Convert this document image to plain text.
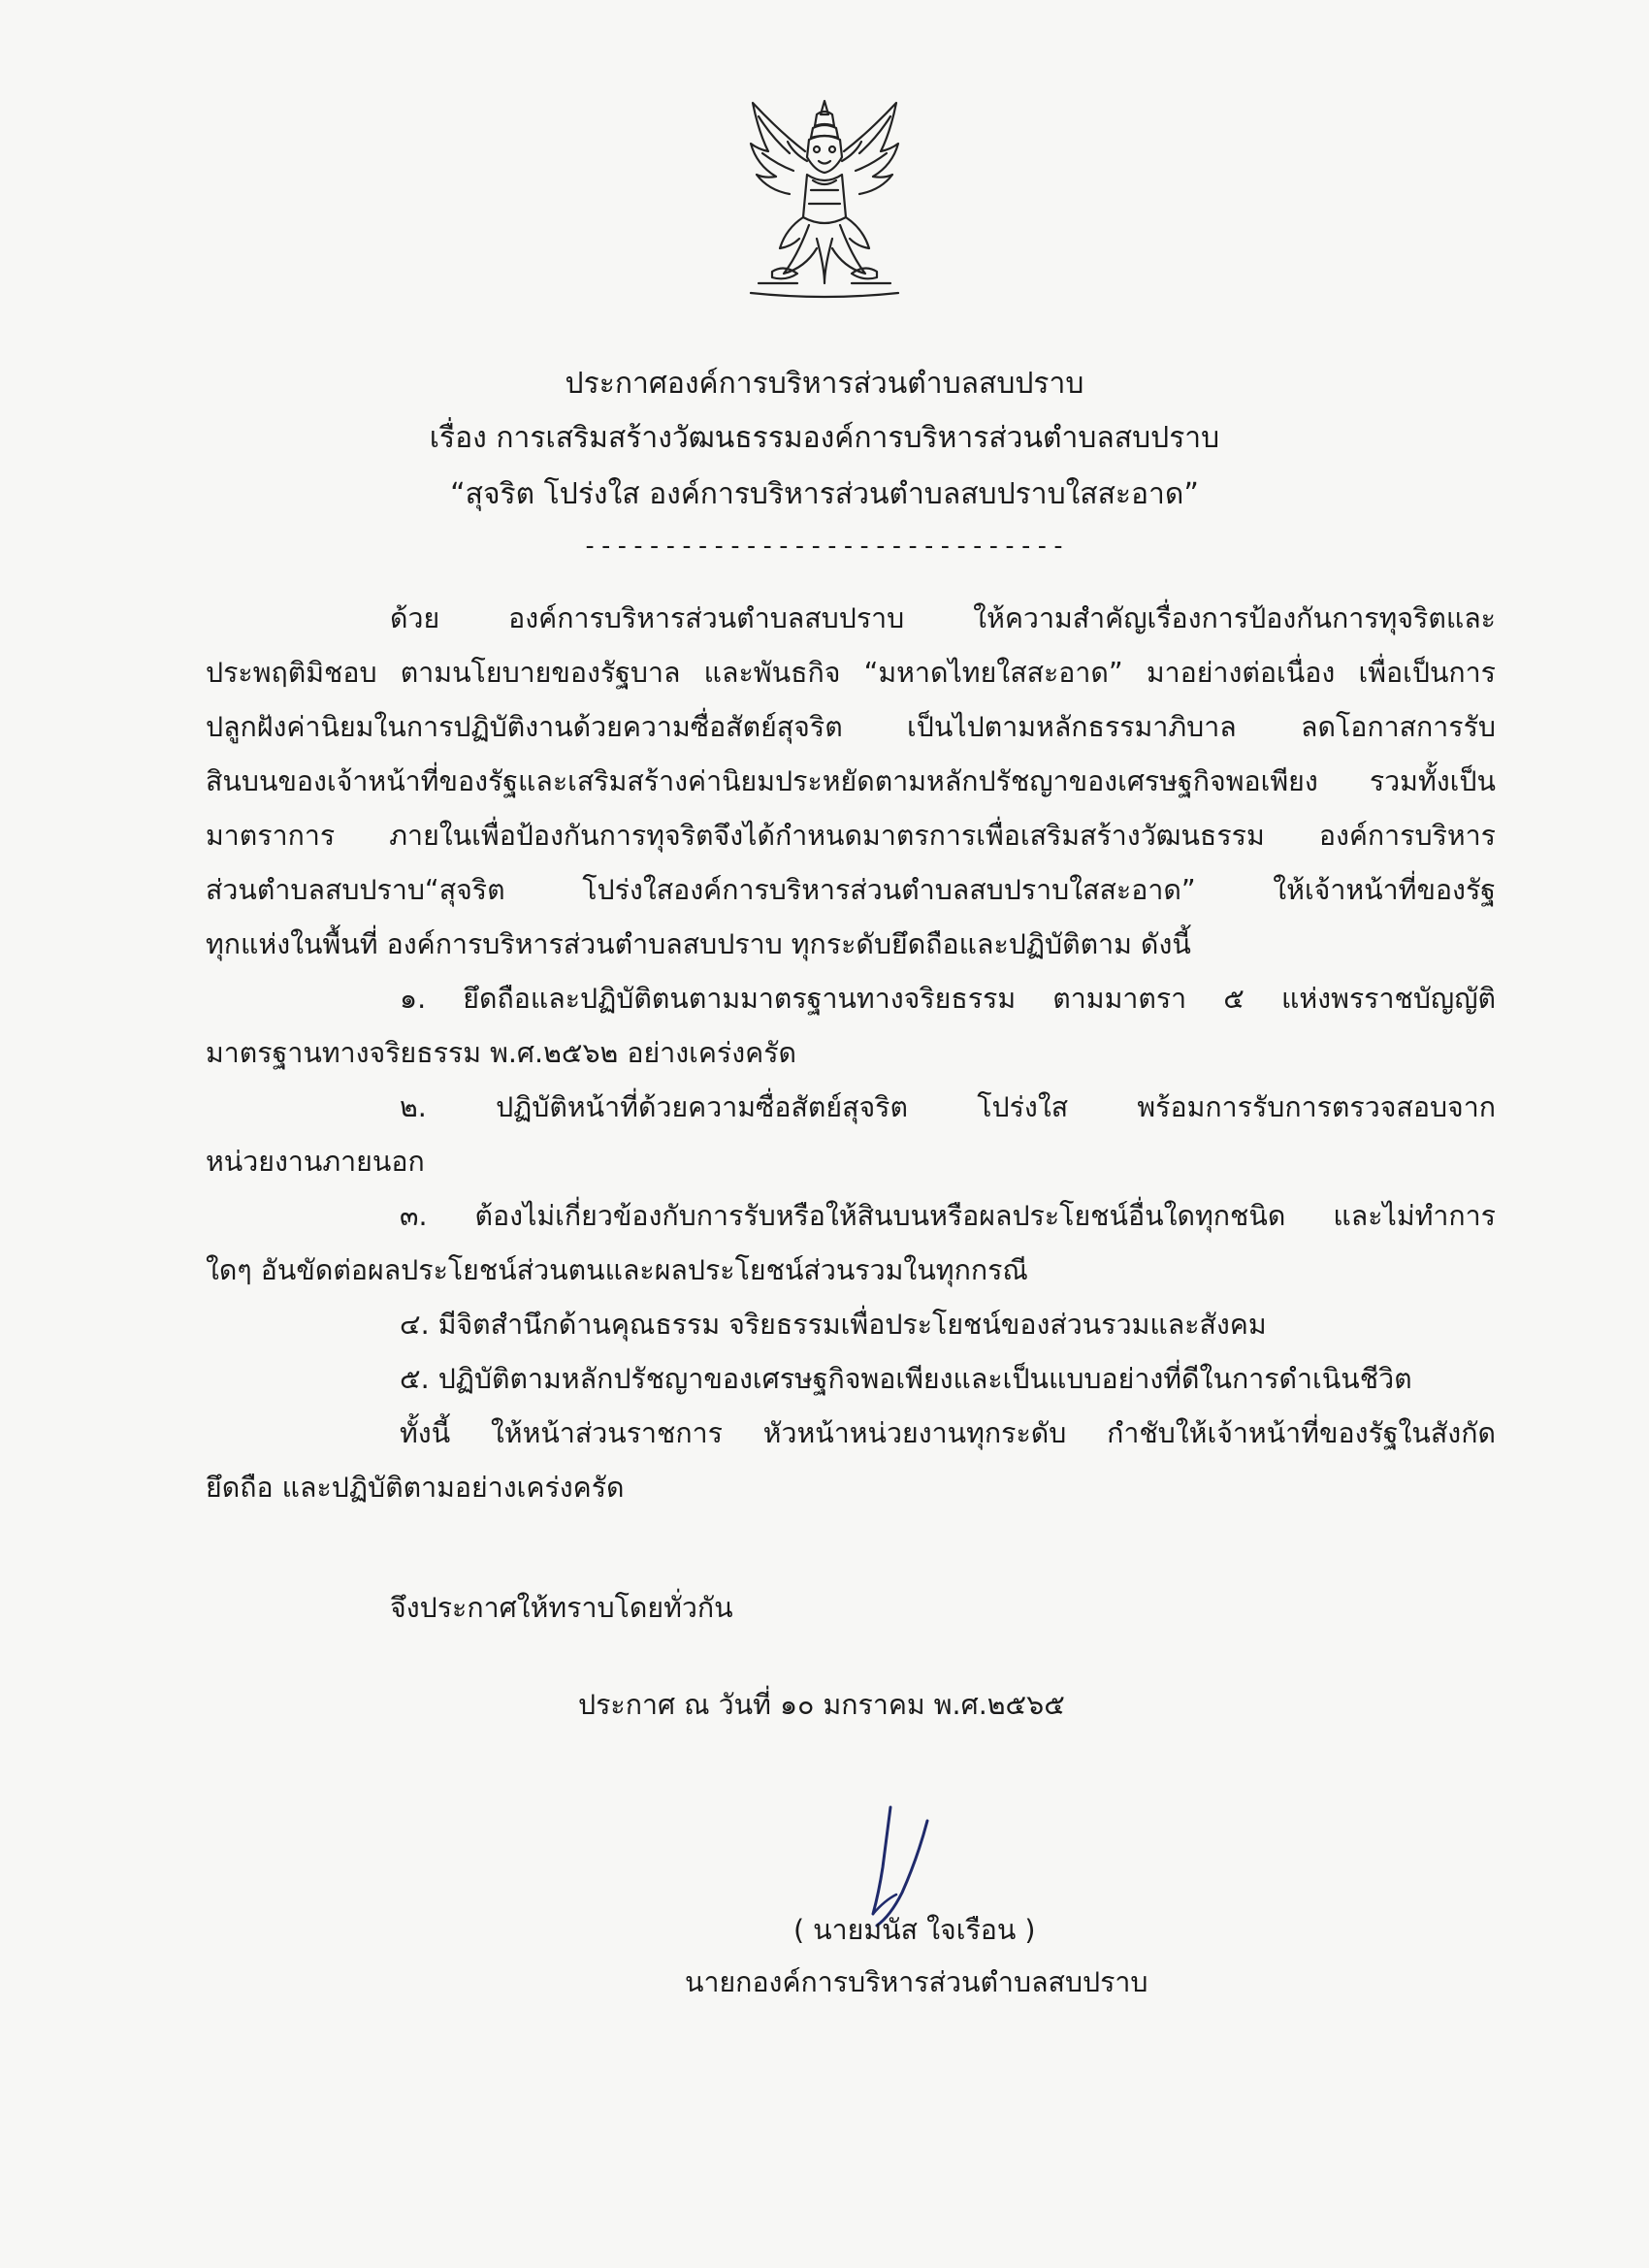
ประกาศองค์การบริหารส่วนตำบลสบปราบ
เรื่อง การเสริมสร้างวัฒนธรรมองค์การบริหารส่วนตำบลสบปราบ
“สุจริต โปร่งใส องค์การบริหารส่วนตำบลสบปราบใสสะอาด”
------------------------------
ด้วย องค์การบริหารส่วนตำบลสบปราบ ให้ความสำคัญเรื่องการป้องกันการทุจริตและ
ประพฤติมิชอบ ตามนโยบายของรัฐบาล และพันธกิจ “มหาดไทยใสสะอาด” มาอย่างต่อเนื่อง เพื่อเป็นการ
ปลูกฝังค่านิยมในการปฏิบัติงานด้วยความซื่อสัตย์สุจริต เป็นไปตามหลักธรรมาภิบาล ลดโอกาสการรับ
สินบนของเจ้าหน้าที่ของรัฐและเสริมสร้างค่านิยมประหยัดตามหลักปรัชญาของเศรษฐกิจพอเพียง รวมทั้งเป็น
มาตราการ ภายในเพื่อป้องกันการทุจริตจึงได้กำหนดมาตรการเพื่อเสริมสร้างวัฒนธรรม องค์การบริหาร
ส่วนตำบลสบปราบ“สุจริต โปร่งใสองค์การบริหารส่วนตำบลสบปราบใสสะอาด” ให้เจ้าหน้าที่ของรัฐ
ทุกแห่งในพื้นที่ องค์การบริหารส่วนตำบลสบปราบ ทุกระดับยึดถือและปฏิบัติตาม ดังนี้
๑. ยึดถือและปฏิบัติตนตามมาตรฐานทางจริยธรรม ตามมาตรา ๕ แห่งพรราชบัญญัติ
มาตรฐานทางจริยธรรม พ.ศ.๒๕๖๒ อย่างเคร่งครัด
๒. ปฏิบัติหน้าที่ด้วยความซื่อสัตย์สุจริต โปร่งใส พร้อมการรับการตรวจสอบจาก
หน่วยงานภายนอก
๓. ต้องไม่เกี่ยวข้องกับการรับหรือให้สินบนหรือผลประโยชน์อื่นใดทุกชนิด และไม่ทำการ
ใดๆ อันขัดต่อผลประโยชน์ส่วนตนและผลประโยชน์ส่วนรวมในทุกกรณี
๔. มีจิตสำนึกด้านคุณธรรม จริยธรรมเพื่อประโยชน์ของส่วนรวมและสังคม
๕. ปฏิบัติตามหลักปรัชญาของเศรษฐกิจพอเพียงและเป็นแบบอย่างที่ดีในการดำเนินชีวิต
ทั้งนี้ ให้หน้าส่วนราชการ หัวหน้าหน่วยงานทุกระดับ กำชับให้เจ้าหน้าที่ของรัฐในสังกัด
ยึดถือ และปฏิบัติตามอย่างเคร่งครัด
จึงประกาศให้ทราบโดยทั่วกัน
ประกาศ ณ วันที่ ๑๐ มกราคม พ.ศ.๒๕๖๕
( นายมนัส ใจเรือน )
นายกองค์การบริหารส่วนตำบลสบปราบ
